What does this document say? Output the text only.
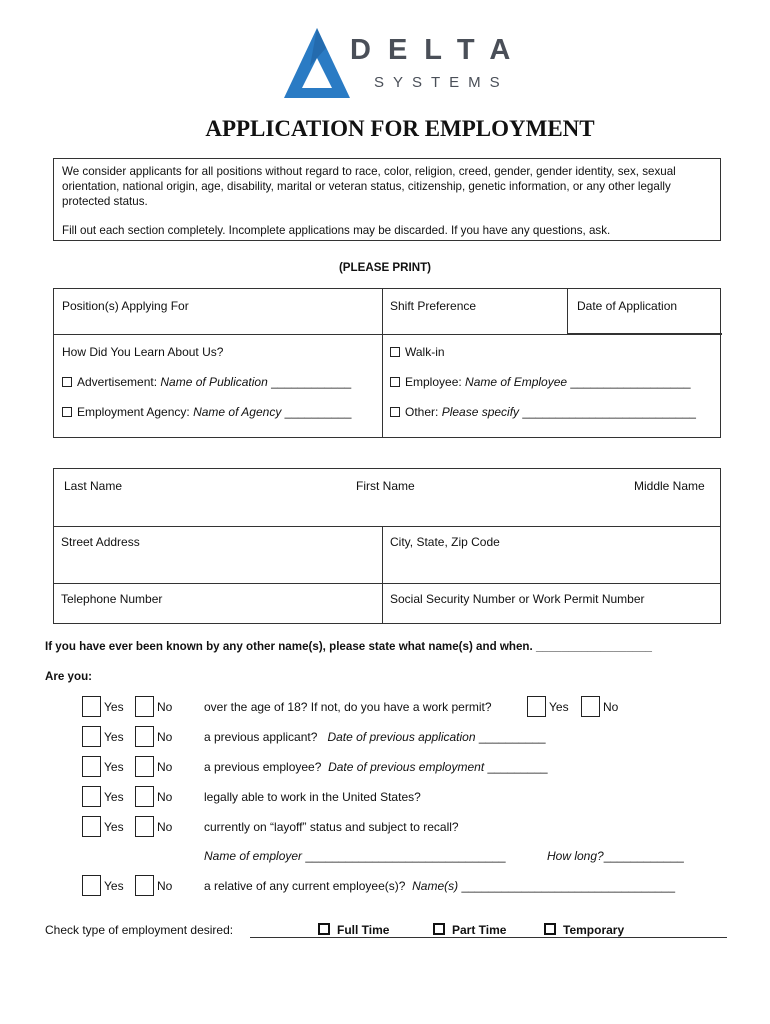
DELTA
SYSTEMS
APPLICATION FOR EMPLOYMENT

We consider applicants for all positions without regard to race, color, religion, creed, gender, gender identity, sex, sexual orientation, national origin, age, disability, marital or veteran status, citizenship, genetic information, or any other legally protected status.

Fill out each section completely. Incomplete applications may be discarded. If you have any questions, ask.

(PLEASE PRINT)
Position(s) Applying For	Shift Preference	Date of Application
How Did You Learn About Us?	Walk-in
Advertisement: Name of Publication ____________	Employee: Name of Employee __________________
Employment Agency: Name of Agency __________	Other: Please specify __________________________
Last Name	First Name	Middle Name
Street Address	City, State, Zip Code
Telephone Number	Social Security Number or Work Permit Number
If you have ever been known by any other name(s), please state what name(s) and when. __________________
Are you:
Yes	No	over the age of 18? If not, do you have a work permit?	Yes	No
Yes	No	a previous applicant? Date of previous application __________
Yes	No	a previous employee? Date of previous employment _________
Yes	No	legally able to work in the United States?
Yes	No	currently on “layoff” status and subject to recall?
Name of employer ______________________________	How long?____________
Yes	No	a relative of any current employee(s)? Name(s) ________________________________
Check type of employment desired:	Full Time	Part Time	Temporary
